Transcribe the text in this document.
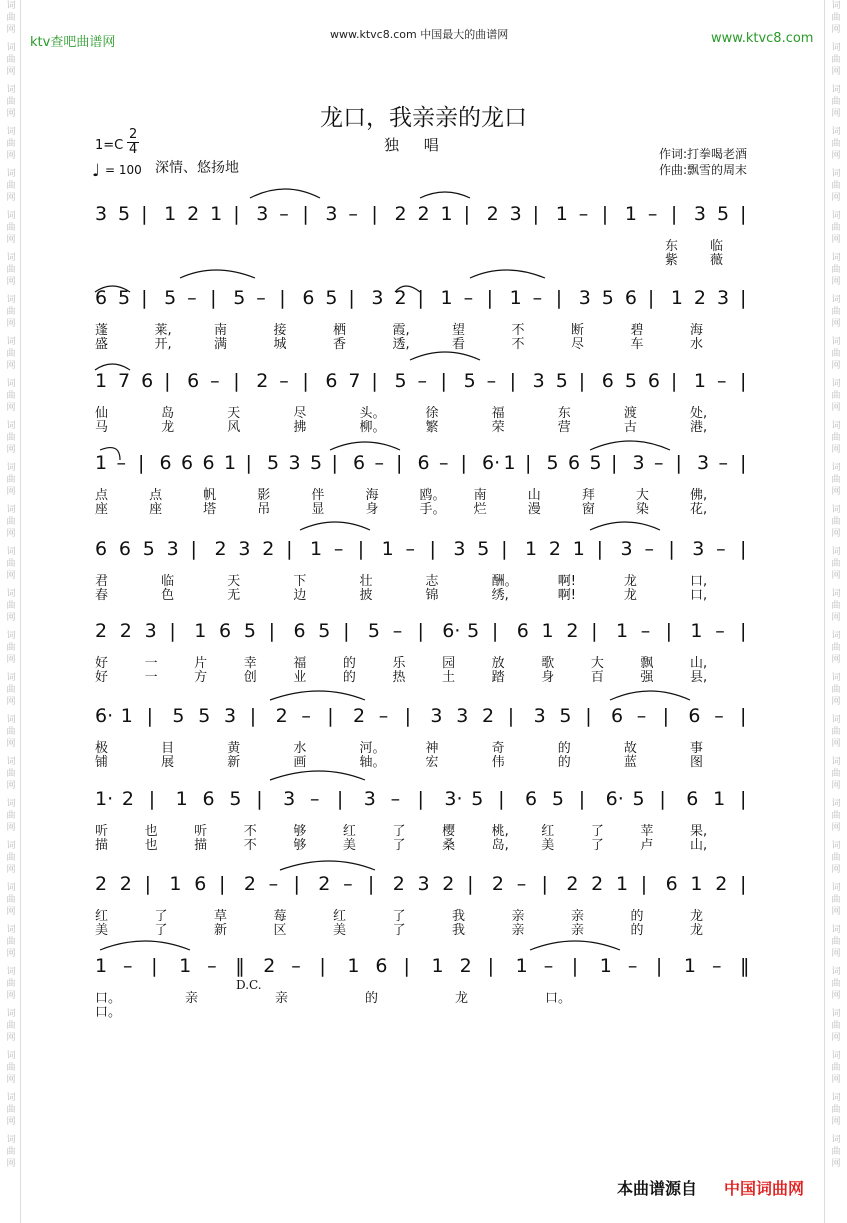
词
曲
网
词
曲
网
词
曲
网
词
曲
网
词
曲
网
词
曲
网
词
曲
网
词
曲
网
词
曲
网
词
曲
网
词
曲
网
词
曲
网
词
曲
网
词
曲
网
词
曲
网
词
曲
网
词
曲
网
词
曲
网
词
曲
网
词
曲
网
词
曲
网
词
曲
网
词
曲
网
词
曲
网
词
曲
网
词
曲
网
词
曲
网
词
曲
网
词
曲
网
词
曲
网
词
曲
网
词
曲
网
词
曲
网
词
曲
网
词
曲
网
词
曲
网
词
曲
网
词
曲
网
词
曲
网
词
曲
网
词
曲
网
词
曲
网
词
曲
网
词
曲
网
词
曲
网
词
曲
网
词
曲
网
词
曲
网
词
曲
网
词
曲
网
词
曲
网
词
曲
网
词
曲
网
词
曲
网
词
曲
网
词
曲
网
ktv查吧曲谱网
www.ktvc8.com 中国最大的曲谱网	www.ktvc8.com
龙口，我亲亲的龙口
独 唱
$1=C \frac{2}{4}$
♩ = 100 深情、悠扬地
作词:打拳喝老酒
作曲:飘雪的周末
3 5 | 1 2 1 | 3 – | 3 – | 2 2 1 | 2 3 | 1 – | 1 – | 3 5 |
东 临
紫 薇
6 5 | 5 – | 5 – | 6 5 | 3 2 | 1 – | 1 – | 3 5 6 | 1 2 3 |
蓬	莱,	南	接	栖	霞,	望	不	断	碧	海
盛	开,	满	城	香	透,	看	不	尽	车	水
1 7 6 | 6 – | 2 – | 6 7 | 5 – | 5 – | 3 5 | 6 5 6 | 1 – |
仙	岛	天	尽	头。	徐	福	东	渡	处,
马	龙	风	拂	柳。	繁	荣	营	古	港,
1 – | 6 6 6 1 | 5 3 5 | 6 – | 6 – | 6· 1 | 5 6 5 | 3 – | 3 – |
点	点	帆	影	伴	海	鸥。 南	山	拜	大	佛,
座	座	塔	吊	显	身	手。 烂	漫	窗	染	花,
6 6 5 3 | 2 3 2 | 1 – | 1 – | 3 5 | 1 2 1 | 3 – | 3 – |
君	临	天	下	壮	志	酬。	啊!	龙	口,
春	色	无	边	披	锦	绣,	啊!	龙	口,
2 2 3 | 1 6 5 | 6 5 | 5 – | 6· 5 | 6 1 2 | 1 – | 1 – |
好	一	片	幸	福	的	乐	园	放	歌	大	飘	山,
好	一	方	创	业	的	热	土	踏	身	百	强	县,
6· 1 | 5 5 3 | 2 – | 2 – | 3 3 2 | 3 5 | 6 – | 6 – |
极	目	黄	水	河。	神	奇	的	故	事
铺	展	新	画	轴。	宏	伟	的	蓝	图
1· 2 | 1 6 5 | 3 – | 3 – | 3· 5 | 6 5 | 6· 5 | 6 1 |
听	也	听	不	够	红	了	樱	桃, 红	了	苹	果,
描	也	描	不	够	美	了	桑	岛, 美	了	卢	山,
2 2 | 1 6 | 2 – | 2 – | 2 3 2 | 2 – | 2 2 1 | 6 1 2 |
红	了	草	莓	红	了	我	亲	亲	的	龙
美	了	新	区	美	了	我	亲	亲	的	龙
1 – | 1 – ‖ 2 – | 1 6 | 1 2 | 1 – | 1 – | 1 – ‖
口。	亲	亲	的	龙	口。
口。
D.C.
本曲谱源自 中国词曲网
